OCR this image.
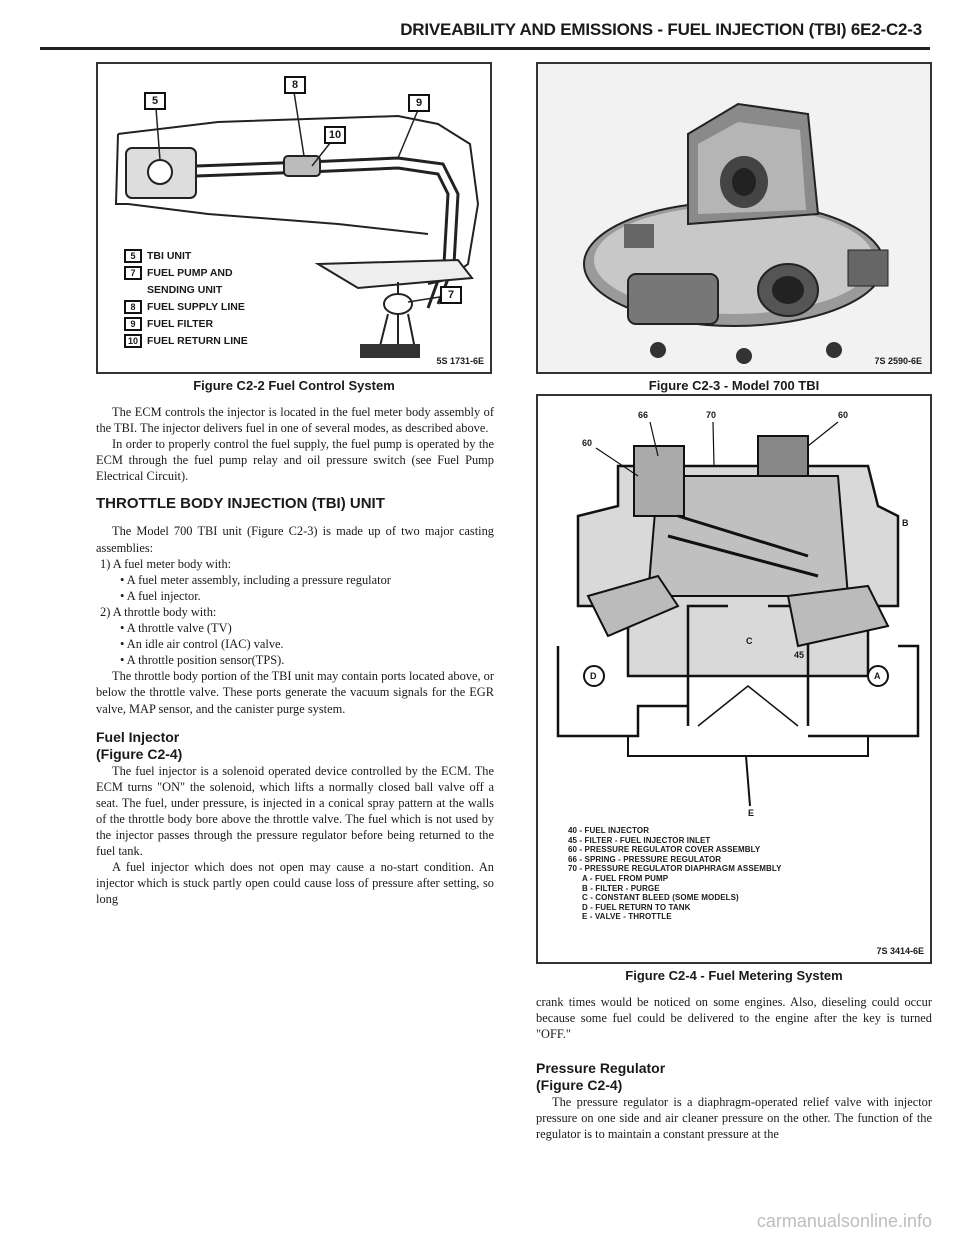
DRIVEABILITY AND EMISSIONS - FUEL INJECTION (TBI) 6E2-C2-3
5
8
9
10
7
5 TBI UNIT
7 FUEL PUMP AND
SENDING UNIT
8 FUEL SUPPLY LINE
9 FUEL FILTER
10 FUEL RETURN LINE
5S 1731-6E
Figure C2-2 Fuel Control System
7S 2590-6E
Figure C2-3 - Model 700 TBI
66	70
60
60
B
C
45
D	A
E
40 - FUEL INJECTOR
45 - FILTER - FUEL INJECTOR INLET
60 - PRESSURE REGULATOR COVER ASSEMBLY
66 - SPRING - PRESSURE REGULATOR
70 - PRESSURE REGULATOR DIAPHRAGM ASSEMBLY
A - FUEL FROM PUMP
B - FILTER - PURGE
C - CONSTANT BLEED (SOME MODELS)
D - FUEL RETURN TO TANK
E - VALVE - THROTTLE
7S 3414-6E
Figure C2-4 - Fuel Metering System

The ECM controls the injector is located in the fuel meter body assembly of the TBI. The injector delivers fuel in one of several modes, as described above.

In order to properly control the fuel supply, the fuel pump is operated by the ECM through the fuel pump relay and oil pressure switch (see Fuel Pump Electrical Circuit).

THROTTLE BODY INJECTION (TBI) UNIT

The Model 700 TBI unit (Figure C2-3) is made up of two major casting assemblies:

1) A fuel meter body with:

• A fuel meter assembly, including a pressure regulator

• A fuel injector.

2) A throttle body with:

• A throttle valve (TV)

• An idle air control (IAC) valve.

• A throttle position sensor(TPS).

The throttle body portion of the TBI unit may contain ports located above, or below the throttle valve. These ports generate the vacuum signals for the EGR valve, MAP sensor, and the canister purge system.

Fuel Injector
(Figure C2-4)

The fuel injector is a solenoid operated device controlled by the ECM. The ECM turns "ON" the solenoid, which lifts a normally closed ball valve off a seat. The fuel, under pressure, is injected in a conical spray pattern at the walls of the throttle body bore above the throttle valve. The fuel which is not used by the injector passes through the pressure regulator before being returned to the fuel tank.

A fuel injector which does not open may cause a no-start condition. An injector which is stuck partly open could cause loss of pressure after setting, so long

crank times would be noticed on some engines. Also, dieseling could occur because some fuel could be delivered to the engine after the key is turned "OFF."

Pressure Regulator
(Figure C2-4)

The pressure regulator is a diaphragm-operated relief valve with injector pressure on one side and air cleaner pressure on the other. The function of the regulator is to maintain a constant pressure at the

carmanualsonline.info
